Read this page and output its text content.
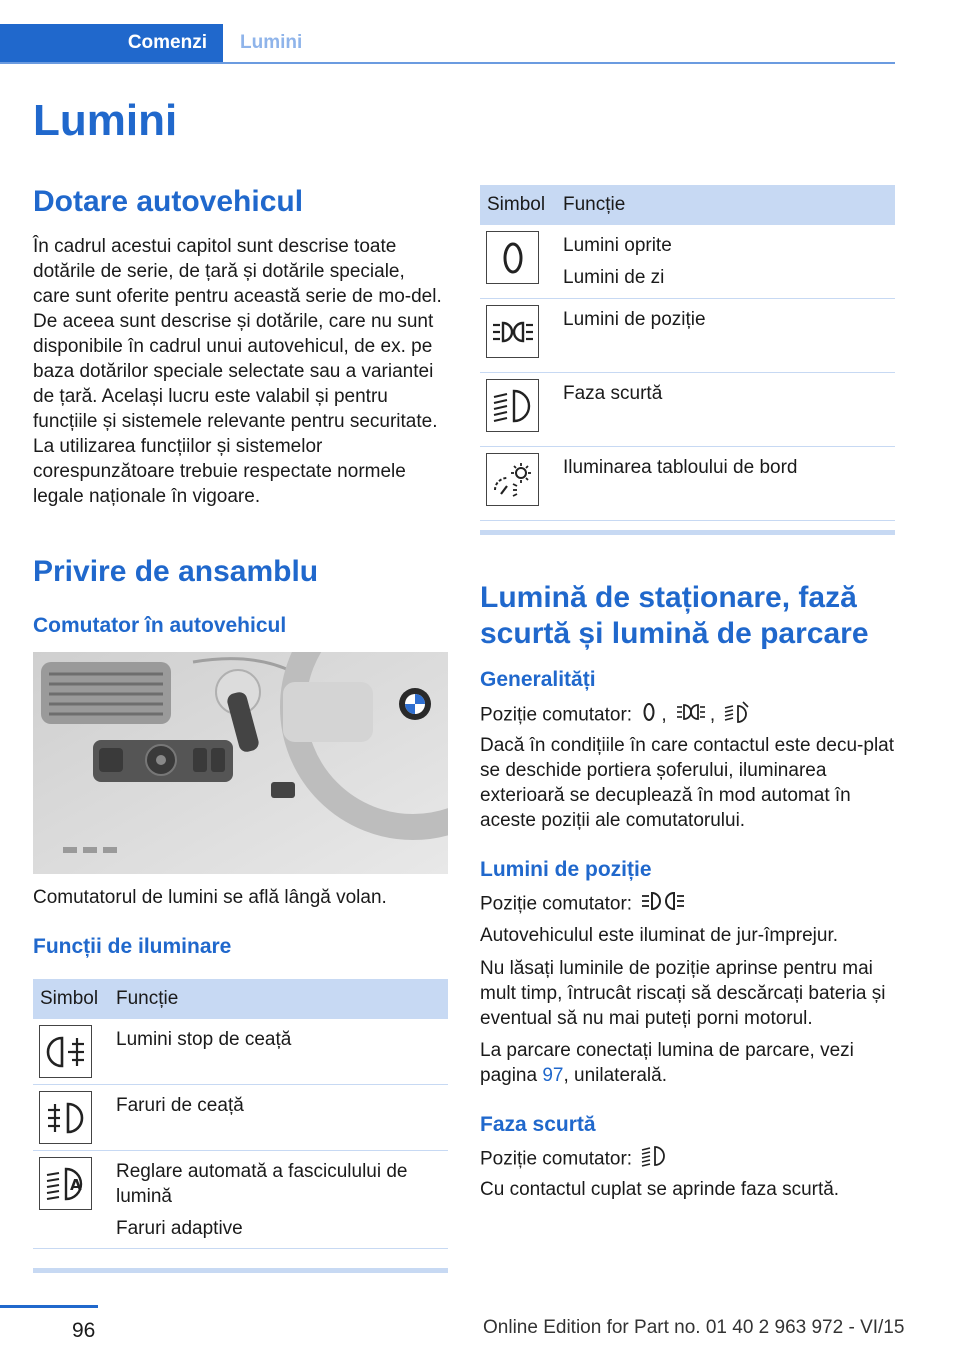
Comenzi	Lumini
Lumini
Dotare autovehicul

În cadrul acestui capitol sunt descrise toate dotările de serie, de țară și dotările speciale, care sunt oferite pentru această serie de mo‐del. De aceea sunt descrise și dotările, care nu sunt disponibile în cadrul unui autovehicul, de ex. pe baza dotărilor speciale selectate sau a variantei de țară. Același lucru este valabil și pentru funcțiile și sistemele relevante pentru securitate. La utilizarea funcțiilor și sistemelor corespunzătoare trebuie respectate normele legale naționale în vigoare.

Privire de ansamblu
Comutator în autovehicul

Comutatorul de lumini se află lângă volan.

Funcții de iluminare
Simbol	Funcție

Lumini stop de ceață

Faruri de ceață

A	Reglare automată a fasciculului de lumină
Faruri adaptive
Simbol	Funcție

Lumini oprite
Lumini de zi

Lumini de poziție

Faza scurtă

Iluminarea tabloului de bord
Lumină de staționare, fază scurtă și lumină de parcare
Generalități

Poziție comutator: , ,

Dacă în condițiile în care contactul este decu‐plat se deschide portiera șoferului, iluminarea exterioară se decuplează în mod automat în aceste poziții ale comutatorului.

Lumini de poziție

Poziție comutator:

Autovehiculul este iluminat de jur-împrejur.

Nu lăsați luminile de poziție aprinse pentru mai mult timp, întrucât riscați să descărcați bateria și eventual să nu mai puteți porni motorul.

La parcare conectați lumina de parcare, vezi pagina 97, unilaterală.

Faza scurtă

Poziție comutator:

Cu contactul cuplat se aprinde faza scurtă.

96	Online Edition for Part no. 01 40 2 963 972 - VI/15
